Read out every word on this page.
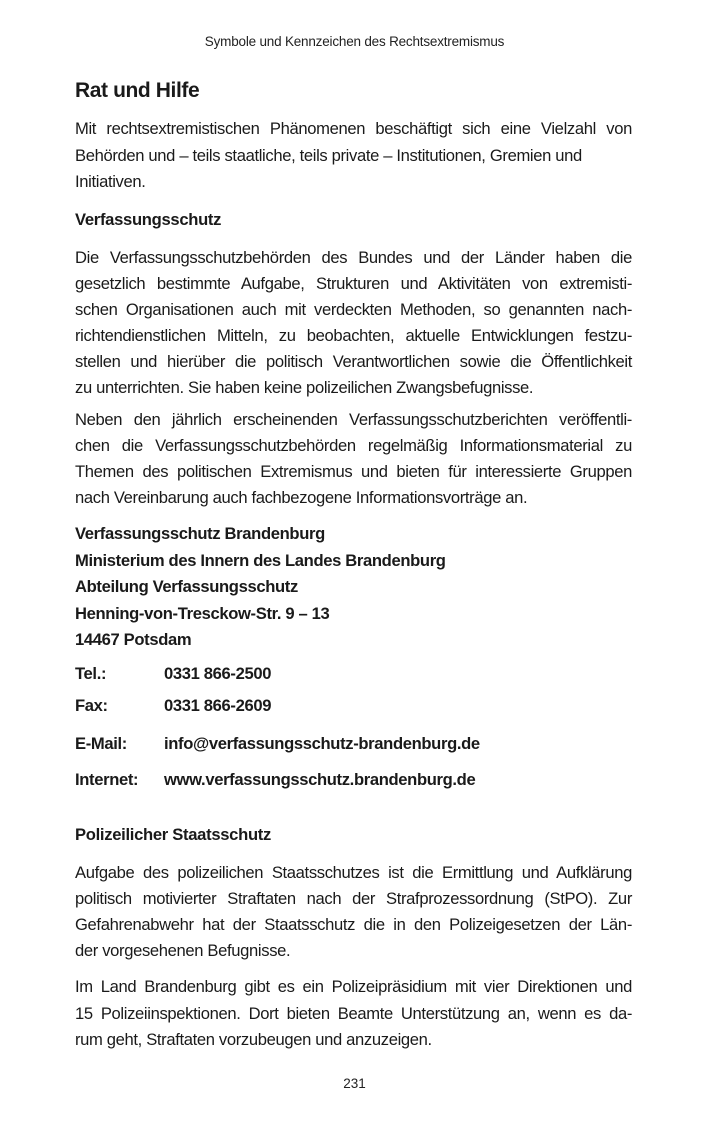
Symbole und Kennzeichen des Rechtsextremismus
Rat und Hilfe

Mit rechtsextremistischen Phänomenen beschäftigt sich eine Vielzahl von
Behörden und – teils staatliche, teils private – Institutionen, Gremien und
Initiativen.

Verfassungsschutz

Die Verfassungsschutzbehörden des Bundes und der Länder haben die
gesetzlich bestimmte Aufgabe, Strukturen und Aktivitäten von extremisti-
schen Organisationen auch mit verdeckten Methoden, so genannten nach-
richtendienstlichen Mitteln, zu beobachten, aktuelle Entwicklungen festzu-
stellen und hierüber die politisch Verantwortlichen sowie die Öffentlichkeit
zu unterrichten. Sie haben keine polizeilichen Zwangsbefugnisse.

Neben den jährlich erscheinenden Verfassungsschutzberichten veröffentli-
chen die Verfassungsschutzbehörden regelmäßig Informationsmaterial zu
Themen des politischen Extremismus und bieten für interessierte Gruppen
nach Vereinbarung auch fachbezogene Informationsvorträge an.

Verfassungsschutz Brandenburg
Ministerium des Innern des Landes Brandenburg
Abteilung Verfassungsschutz
Henning-von-Tresckow-Str. 9 – 13
14467 Potsdam
Tel.:	0331 866-2500
Fax:	0331 866-2609
E-Mail: info@verfassungsschutz-brandenburg.de
Internet: www.verfassungsschutz.brandenburg.de
Polizeilicher Staatsschutz

Aufgabe des polizeilichen Staatsschutzes ist die Ermittlung und Aufklärung
politisch motivierter Straftaten nach der Strafprozessordnung (StPO). Zur
Gefahrenabwehr hat der Staatsschutz die in den Polizeigesetzen der Län-
der vorgesehenen Befugnisse.

Im Land Brandenburg gibt es ein Polizeipräsidium mit vier Direktionen und
15 Polizeiinspektionen. Dort bieten Beamte Unterstützung an, wenn es da-
rum geht, Straftaten vorzubeugen und anzuzeigen.

231
